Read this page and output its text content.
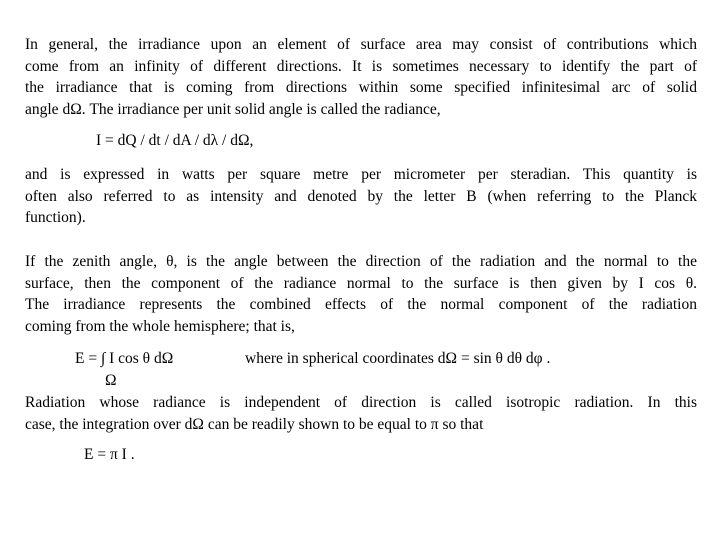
In general, the irradiance upon an element of surface area may consist of contributions which
come from an infinity of different directions. It is sometimes necessary to identify the part of
the irradiance that is coming from directions within some specified infinitesimal arc of solid
angle dΩ. The irradiance per unit solid angle is called the radiance,
I = dQ / dt / dA / dλ / dΩ,
and is expressed in watts per square metre per micrometer per steradian. This quantity is
often also referred to as intensity and denoted by the letter B (when referring to the Planck
function).
If the zenith angle, θ, is the angle between the direction of the radiation and the normal to the
surface, then the component of the radiance normal to the surface is then given by I cos θ.
The irradiance represents the combined effects of the normal component of the radiation
coming from the whole hemisphere; that is,
E = ∫ I cos θ dΩ	where in spherical coordinates dΩ = sin θ dθ dφ .
Ω
Radiation whose radiance is independent of direction is called isotropic radiation. In this
case, the integration over dΩ can be readily shown to be equal to π so that
E = π I .
